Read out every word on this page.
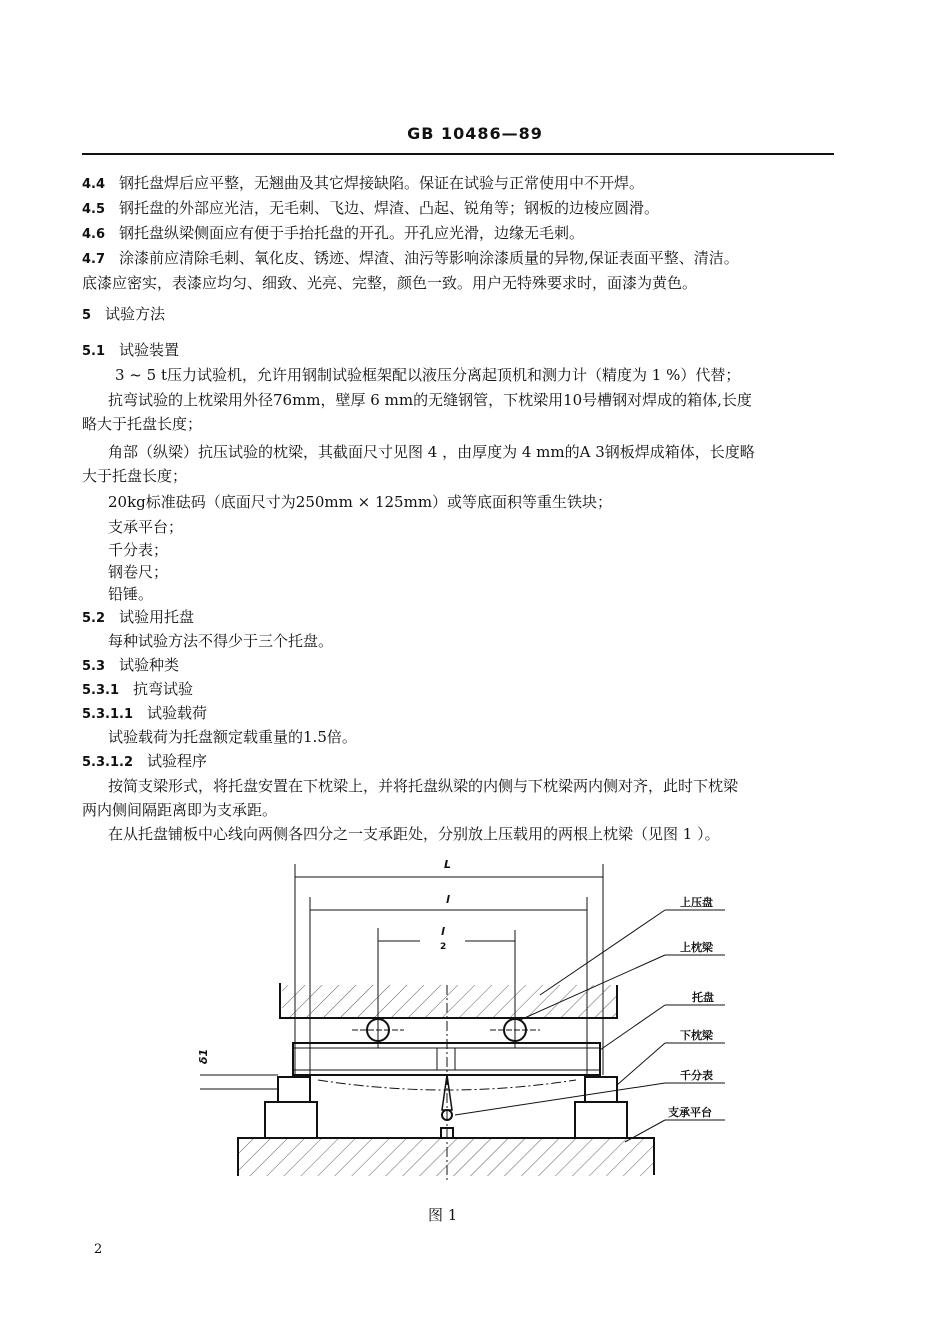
GB 10486—89
4.4 钢托盘焊后应平整，无翘曲及其它焊接缺陷。保证在试验与正常使用中不开焊。
4.5 钢托盘的外部应光洁，无毛刺、飞边、焊渣、凸起、锐角等；钢板的边棱应圆滑。
4.6 钢托盘纵梁侧面应有便于手抬托盘的开孔。开孔应光滑，边缘无毛刺。
4.7 涂漆前应清除毛刺、氧化皮、锈迹、焊渣、油污等影响涂漆质量的异物,保证表面平整、清洁。
底漆应密实，表漆应均匀、细致、光亮、完整，颜色一致。用户无特殊要求时，面漆为黄色。
5 试验方法
5.1 试验装置
3 ~ 5 t压力试验机，允许用钢制试验框架配以液压分离起顶机和测力计（精度为 1 %）代替；
抗弯试验的上枕梁用外径76mm，壁厚 6 mm的无缝钢管，下枕梁用10号槽钢对焊成的箱体,长度
略大于托盘长度；
角部（纵梁）抗压试验的枕梁，其截面尺寸见图 4 ，由厚度为 4 mm的A 3钢板焊成箱体，长度略
大于托盘长度；
20kg标准砝码（底面尺寸为250mm × 125mm）或等底面积等重生铁块；
支承平台；
千分表；
钢卷尺；
铅锤。
5.2 试验用托盘
每种试验方法不得少于三个托盘。
5.3 试验种类
5.3.1 抗弯试验
5.3.1.1 试验载荷
试验载荷为托盘额定载重量的1.5倍。
5.3.1.2 试验程序
按简支梁形式，将托盘安置在下枕梁上，并将托盘纵梁的内侧与下枕梁两内侧对齐，此时下枕梁
两内侧间隔距离即为支承距。
在从托盘铺板中心线向两侧各四分之一支承距处，分别放上压载用的两根上枕梁（见图 1 ）。
L
l
l
2
δ1
上压盘
上枕梁
托盘
下枕梁
千分表
支承平台
图 1
2
